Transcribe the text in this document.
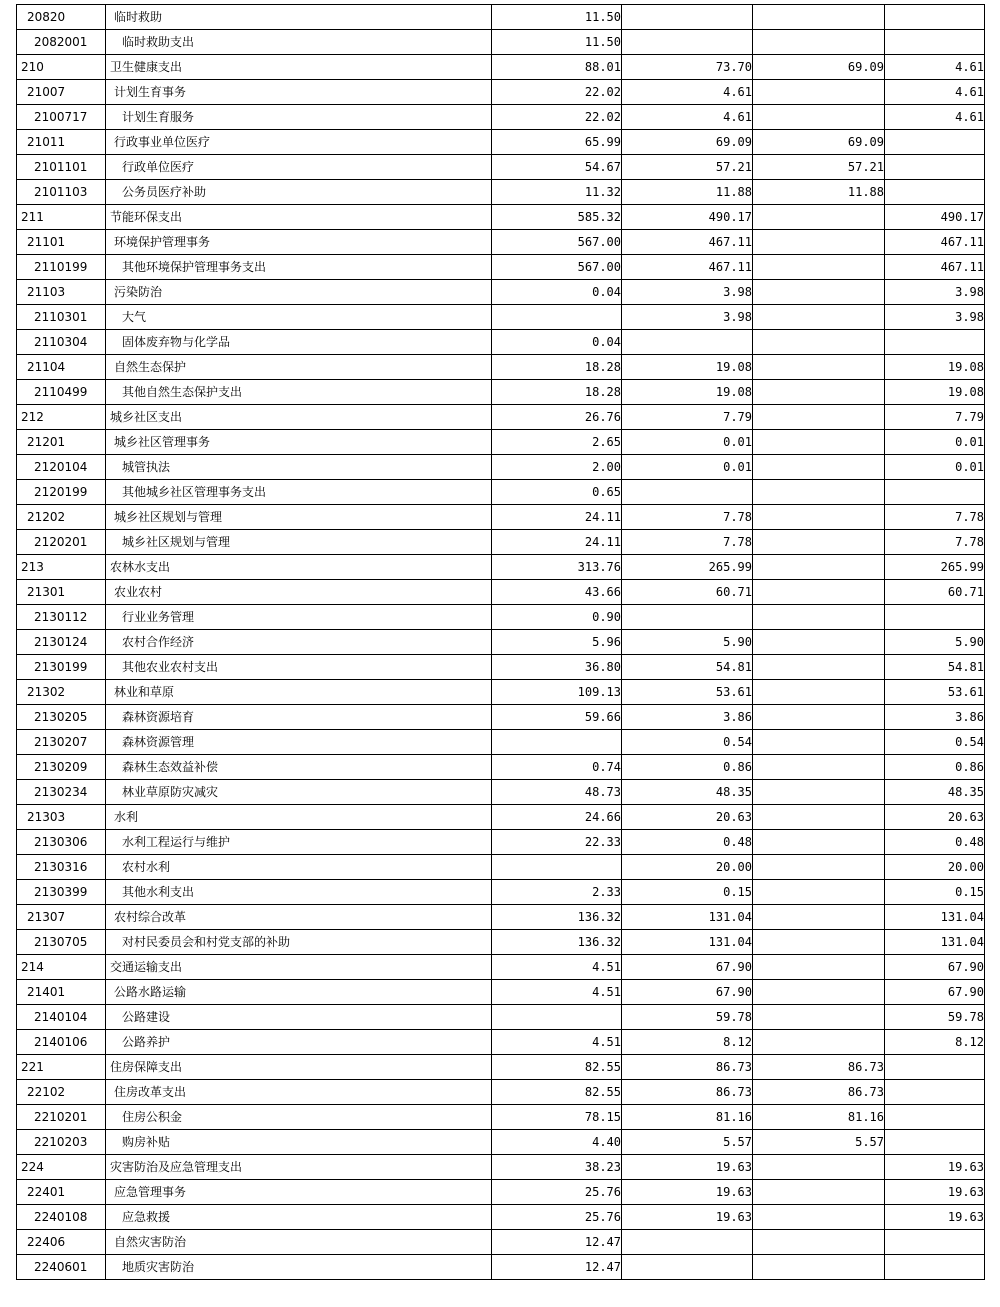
20820	临时救助	11.50			
2082001	临时救助支出	11.50			
210	卫生健康支出	88.01	73.70	69.09	4.61
21007	计划生育事务	22.02	4.61		4.61
2100717	计划生育服务	22.02	4.61		4.61
21011	行政事业单位医疗	65.99	69.09	69.09	
2101101	行政单位医疗	54.67	57.21	57.21	
2101103	公务员医疗补助	11.32	11.88	11.88	
211	节能环保支出	585.32	490.17		490.17
21101	环境保护管理事务	567.00	467.11		467.11
2110199	其他环境保护管理事务支出	567.00	467.11		467.11
21103	污染防治	0.04	3.98		3.98
2110301	大气		3.98		3.98
2110304	固体废弃物与化学品	0.04			
21104	自然生态保护	18.28	19.08		19.08
2110499	其他自然生态保护支出	18.28	19.08		19.08
212	城乡社区支出	26.76	7.79		7.79
21201	城乡社区管理事务	2.65	0.01		0.01
2120104	城管执法	2.00	0.01		0.01
2120199	其他城乡社区管理事务支出	0.65			
21202	城乡社区规划与管理	24.11	7.78		7.78
2120201	城乡社区规划与管理	24.11	7.78		7.78
213	农林水支出	313.76	265.99		265.99
21301	农业农村	43.66	60.71		60.71
2130112	行业业务管理	0.90			
2130124	农村合作经济	5.96	5.90		5.90
2130199	其他农业农村支出	36.80	54.81		54.81
21302	林业和草原	109.13	53.61		53.61
2130205	森林资源培育	59.66	3.86		3.86
2130207	森林资源管理		0.54		0.54
2130209	森林生态效益补偿	0.74	0.86		0.86
2130234	林业草原防灾减灾	48.73	48.35		48.35
21303	水利	24.66	20.63		20.63
2130306	水利工程运行与维护	22.33	0.48		0.48
2130316	农村水利		20.00		20.00
2130399	其他水利支出	2.33	0.15		0.15
21307	农村综合改革	136.32	131.04		131.04
2130705	对村民委员会和村党支部的补助	136.32	131.04		131.04
214	交通运输支出	4.51	67.90		67.90
21401	公路水路运输	4.51	67.90		67.90
2140104	公路建设		59.78		59.78
2140106	公路养护	4.51	8.12		8.12
221	住房保障支出	82.55	86.73	86.73	
22102	住房改革支出	82.55	86.73	86.73	
2210201	住房公积金	78.15	81.16	81.16	
2210203	购房补贴	4.40	5.57	5.57	
224	灾害防治及应急管理支出	38.23	19.63		19.63
22401	应急管理事务	25.76	19.63		19.63
2240108	应急救援	25.76	19.63		19.63
22406	自然灾害防治	12.47			
2240601	地质灾害防治	12.47			
